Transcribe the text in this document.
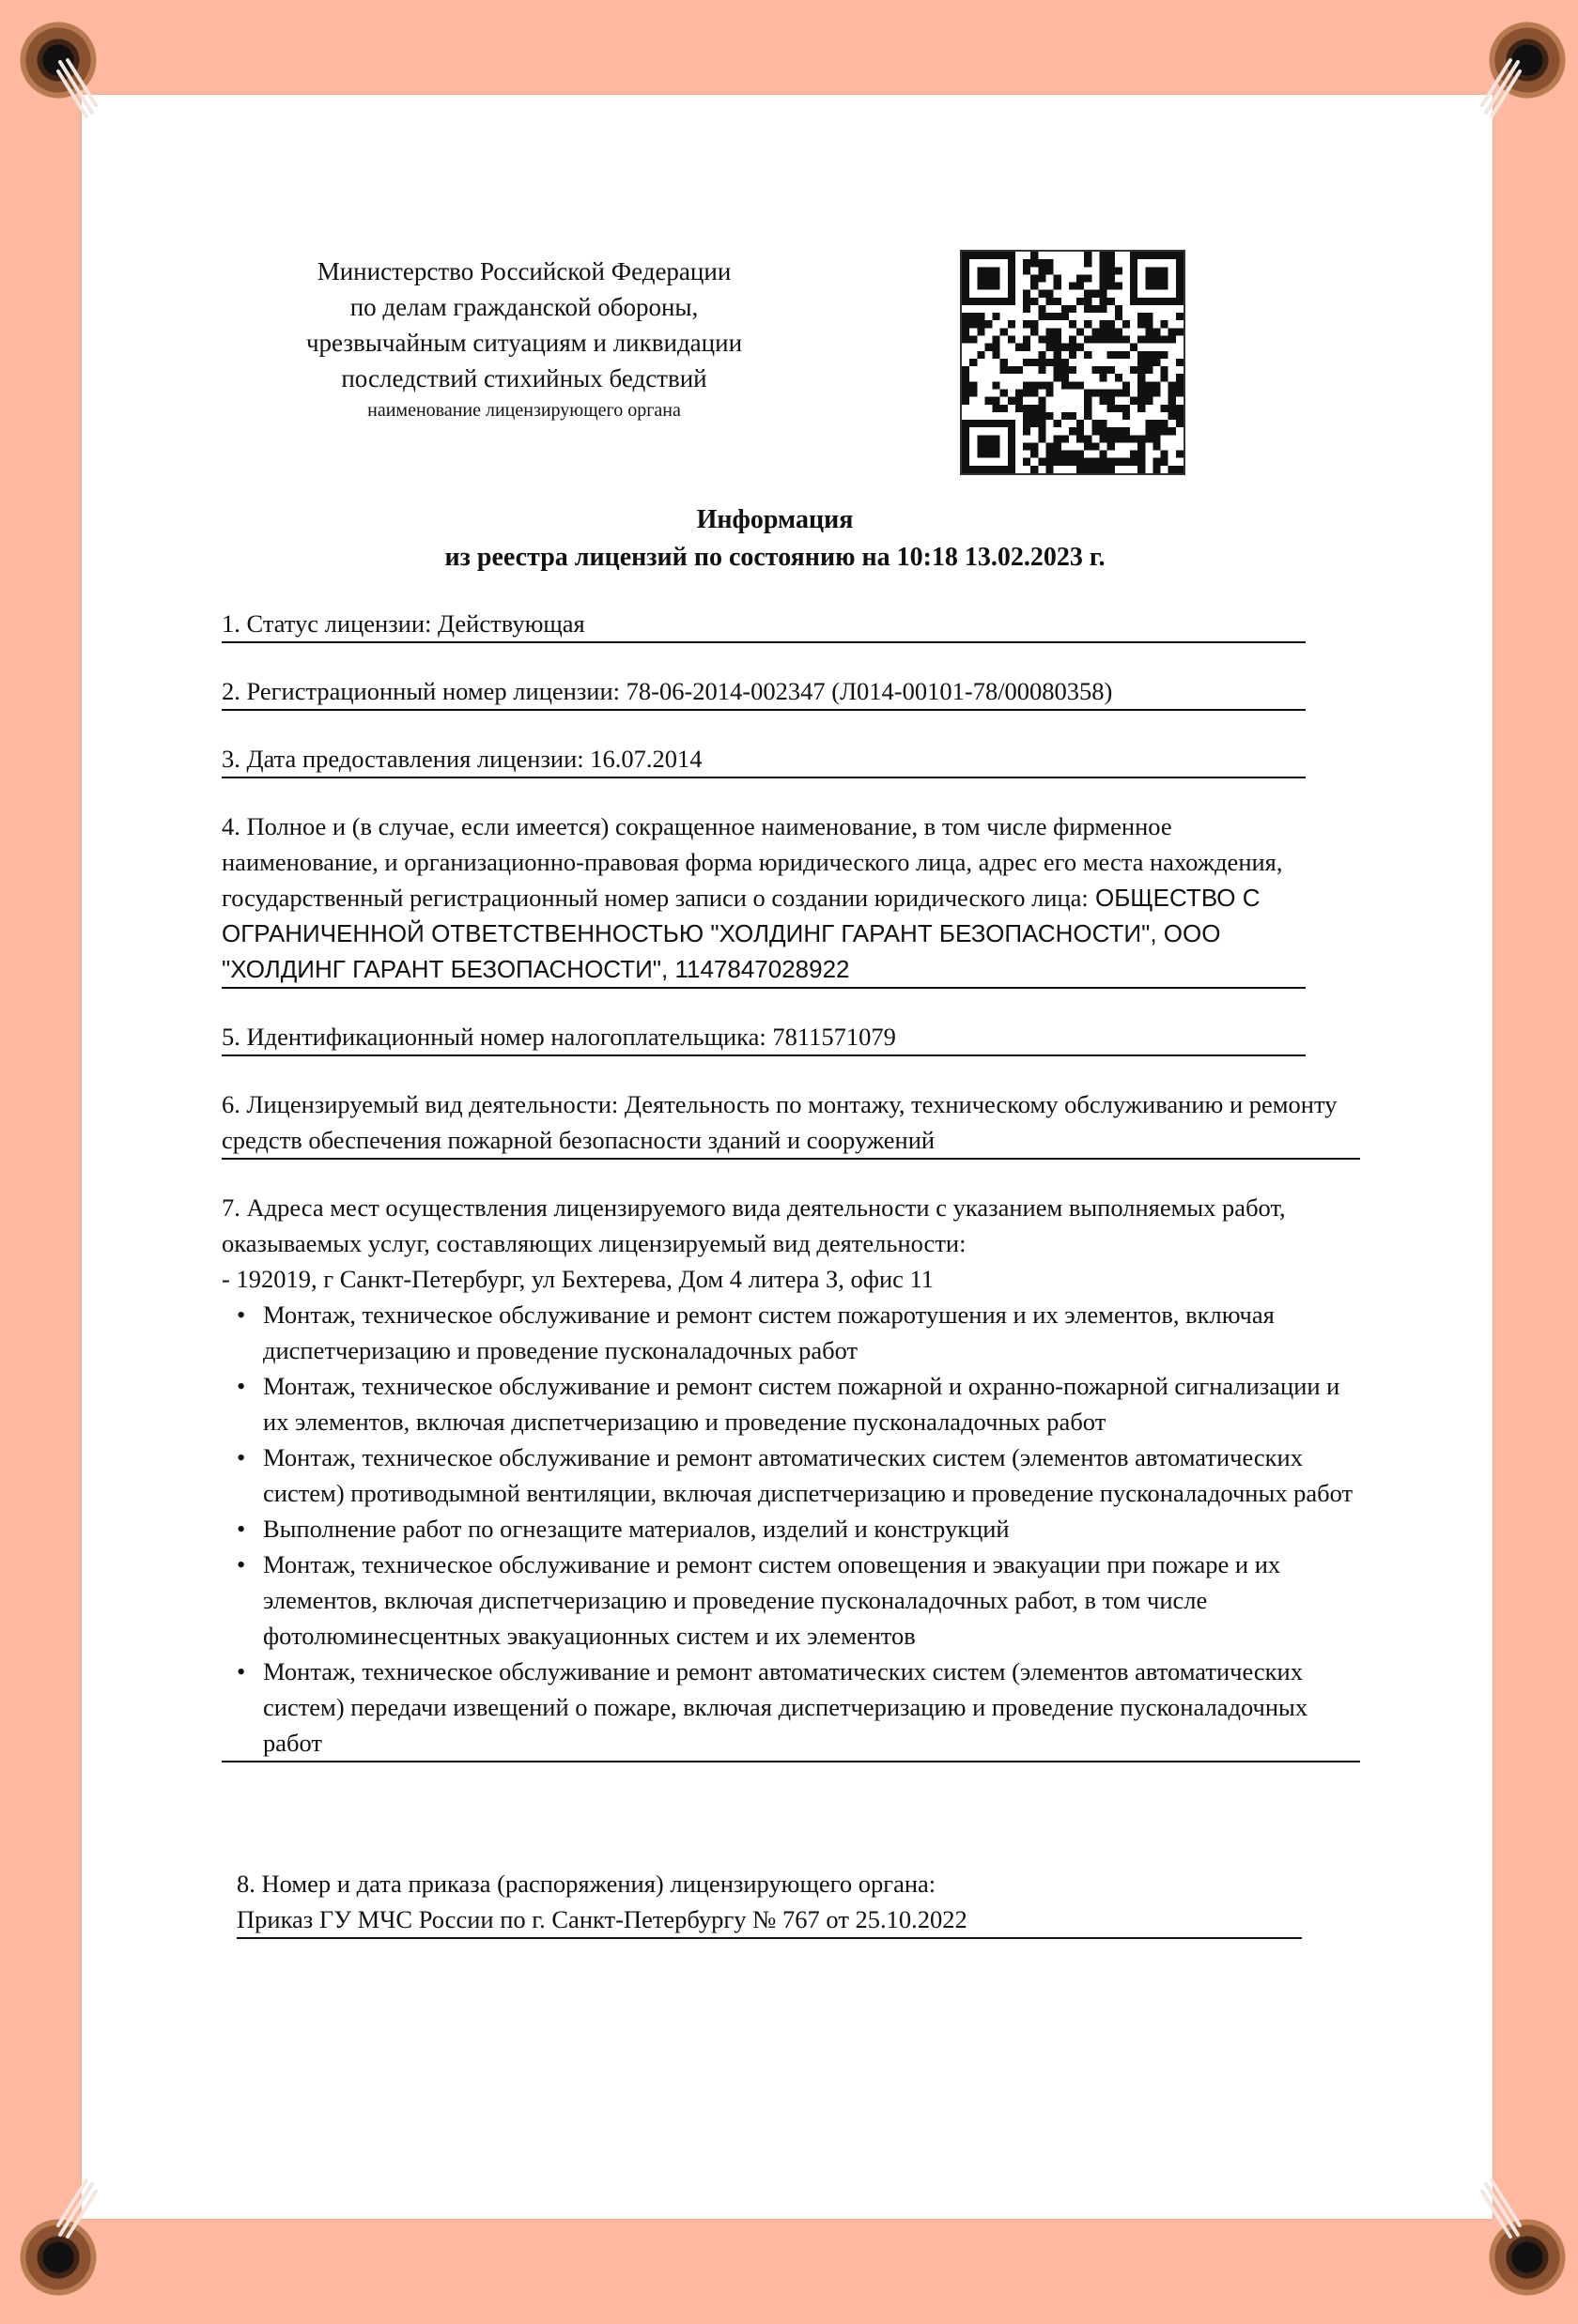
Министерство Российской Федерации
по делам гражданской обороны,
чрезвычайным ситуациям и ликвидации
последствий стихийных бедствий
наименование лицензирующего органа
Информация
из реестра лицензий по состоянию на 10:18 13.02.2023 г.

1. Статус лицензии: Действующая

2. Регистрационный номер лицензии: 78-06-2014-002347 (Л014-00101-78/00080358)

3. Дата предоставления лицензии: 16.07.2014

4. Полное и (в случае, если имеется) сокращенное наименование, в том числе фирменное наименование, и организационно-правовая форма юридического лица, адрес его места нахождения, государственный регистрационный номер записи о создании юридического лица: ОБЩЕСТВО С ОГРАНИЧЕННОЙ ОТВЕТСТВЕННОСТЬЮ "ХОЛДИНГ ГАРАНТ БЕЗОПАСНОСТИ", ООО "ХОЛДИНГ ГАРАНТ БЕЗОПАСНОСТИ", 1147847028922

5. Идентификационный номер налогоплательщика: 7811571079

6. Лицензируемый вид деятельности: Деятельность по монтажу, техническому обслуживанию и ремонту средств обеспечения пожарной безопасности зданий и сооружений

7. Адреса мест осуществления лицензируемого вида деятельности с указанием выполняемых работ, оказываемых услуг, составляющих лицензируемый вид деятельности:

- 192019, г Санкт-Петербург, ул Бехтерева, Дом 4 литера З, офис 11

• Монтаж, техническое обслуживание и ремонт систем пожаротушения и их элементов, включая диспетчеризацию и проведение пусконаладочных работ
• Монтаж, техническое обслуживание и ремонт систем пожарной и охранно-пожарной сигнализации и их элементов, включая диспетчеризацию и проведение пусконаладочных работ
• Монтаж, техническое обслуживание и ремонт автоматических систем (элементов автоматических систем) противодымной вентиляции, включая диспетчеризацию и проведение пусконаладочных работ
• Выполнение работ по огнезащите материалов, изделий и конструкций
• Монтаж, техническое обслуживание и ремонт систем оповещения и эвакуации при пожаре и их элементов, включая диспетчеризацию и проведение пусконаладочных работ, в том числе фотолюминесцентных эвакуационных систем и их элементов
• Монтаж, техническое обслуживание и ремонт автоматических систем (элементов автоматических систем) передачи извещений о пожаре, включая диспетчеризацию и проведение пусконаладочных работ

8. Номер и дата приказа (распоряжения) лицензирующего органа:

Приказ ГУ МЧС России по г. Санкт-Петербургу № 767 от 25.10.2022
